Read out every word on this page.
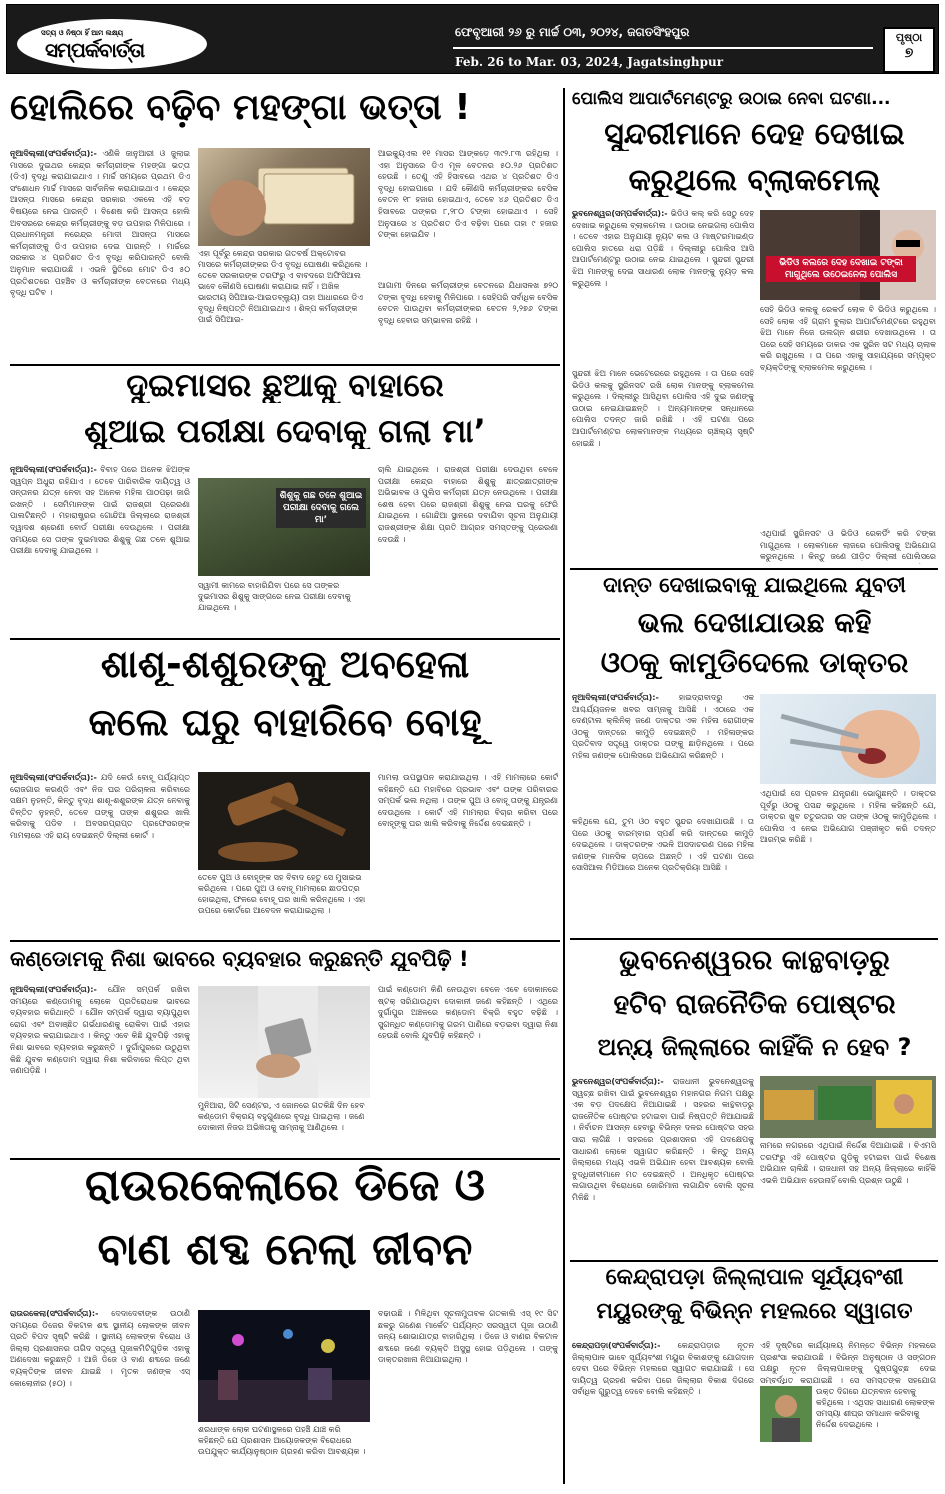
ସତ୍ୟ ଓ ନିଷ୍ଠା ହିଁ ଆମ ଲକ୍ଷ୍ୟ
ସମ୍ପର୍କବାର୍ତ୍ତା
ଫେବୃଆରୀ ୨୬ ରୁ ମାର୍ଚ୍ଚ ୦୩, ୨୦୨୪, ଜଗତସିଂହପୁର
Feb. 26 to Mar. 03, 2024, Jagatsinghpur
ପୃଷ୍ଠା
୭
ହୋଲିରେ ବଢ଼ିବ ମହଙ୍ଗା ଭତ୍ତା !
ନୂଆଦିଲ୍ଲୀ(ସଂପର୍କବାର୍ତ୍ତା):- ଏଣିକି ଜାନୁଆରୀ ଓ ଜୁଲାଇ ମାସରେ ଦୁଇଥର କେନ୍ଦ୍ର କର୍ମଚାରୀଙ୍କ ମହଙ୍ଗା ଭତ୍ତା (ଡିଏ) ବୃଦ୍ଧି କରାଯାଇଥାଏ । ମାର୍ଚ୍ଚ ସମୟରେ ପ୍ରଥମ ଡିଏ ସଂଶୋଧନ ମାର୍ଚ୍ଚ ମାସରେ ସାର୍ବଜନିକ କରାଯାଇଥାଏ । କେନ୍ଦ୍ର ଆସନ୍ତା ମାସରେ କେନ୍ଦ୍ର ସରକାର ଏକଲେ ଏହି ବଡ଼ ବିଷୟରେ ନେଇ ପାରନ୍ତି । ବିଶେଷ କରି ଆସନ୍ତା ହୋଲି ଅବସରରେ କେନ୍ଦ୍ର କର୍ମଚାରୀଙ୍କୁ ବଡ଼ ଉପହାର ମିଳିପାରେ । ପ୍ରଧାନମନ୍ତ୍ରୀ ନରେନ୍ଦ୍ର ମୋଦୀ ଆସନ୍ତା ମାସରେ କର୍ମଚାରୀଙ୍କୁ ଡିଏ ଉପହାର ଦେଇ ପାରନ୍ତି । ମାର୍ଚ୍ଚରେ ସରକାର ୪ ପ୍ରତିଶତ ଡିଏ ବୃଦ୍ଧି କରିପାରନ୍ତି ବୋଲି ଅନୁମାନ କରାଯାଉଛି । ଏଭଳି ସ୍ଥିତିରେ ମୋଟ ଡିଏ ୫୦ ପ୍ରତିଶତରେ ପହଞ୍ଚିବ ଓ କର୍ମଚାରୀଙ୍କ ବେତନରେ ମଧ୍ୟ ବୃଦ୍ଧି ଘଟିବ ।
ଏହା ପୂର୍ବରୁ କେନ୍ଦ୍ର ସରକାର ଗତବର୍ଷ ଅକ୍ଟୋବର ମାସରେ କର୍ମଚାରୀଙ୍କର ଡିଏ ବୃଦ୍ଧି ଘୋଷଣା କରିଥିଲେ । ତେବେ ସରକାରଙ୍କ ତରଫରୁ ଏ ବାବଦରେ ଅଫିସିଆଲ ଭାବେ କୌଣସି ଘୋଷଣା କରାଯାଇ ନାହିଁ । ଅଖିଳ ଭାରତୀୟ ସିପିଆଇ-ଆଇଡବ୍ଲ୍ୟୁ) ତାହା ଆଧାରରେ ଡିଏ ବୃଦ୍ଧି ନିଷ୍ପତ୍ତି ନିଆଯାଇଥାଏ । ଶିଳ୍ପ କର୍ମଚାରୀଙ୍କ ପାଇଁ ସିପିଆଇ-
ଆଇକ୍ୟୁଏଲ ୧୧ ମାସର ଆଙ୍କଡ଼େ ୩୯୨.୮୩ ରହିଥିଲା । ଏହା ଅନୁସାରେ ଡିଏ ମୂଳ ବେତନର ୫୦.୨୬ ପ୍ରତିଶତ ହେଉଛି । ତେଣୁ ଏହି ହିସାବରେ ଏଥର ୪ ପ୍ରତିଶତ ଡିଏ ବୃଦ୍ଧି ହୋଇପାରେ । ଯଦି କୌଣସି କର୍ମଚାରୀଙ୍କର ବେସିକ ବେତନ ୧୮ ହଜାର ହୋଇଥାଏ, ତେବେ ୪୬ ପ୍ରତିଶତ ଡିଏ ହିସାବରେ ତାଙ୍କର ୮,୨୮୦ ଟଙ୍କା ହୋଇଥାଏ । ସେହି ଅନୁସାରେ ୪ ପ୍ରତିଶତ ଡିଏ ବଢ଼ିବା ପରେ ତାହା ୯ ହଜାର ଟଙ୍କା ହୋଇଯିବ ।
ଆଗାମୀ ଦିନରେ କର୍ମଚାରୀଙ୍କ ବେତନରେ ଯିଧାସଳଖ ୭୨୦ ଟଙ୍କା ବୃଦ୍ଧି ହେବାକୁ ମିଳିପାରେ । ସେହିପରି ସର୍ବାଧିକ ବେସିକ ବେତନ ପାଉଥିବା କର୍ମଚାରୀଙ୍କର ବେତନ ୨,୨୭୬ ଟଙ୍କା ବୃଦ୍ଧି ହେବାର ସମ୍ଭାବନା ରହିଛି ।
ଦୁଇମାସର ଛୁଆକୁ ବାହାରେ
ଶୁଆଇ ପରୀକ୍ଷା ଦେବାକୁ ଗଲା ମା’
ନୂଆଦିଲ୍ଲୀ(ସଂପର୍କବାର୍ତ୍ତା):- ବିବାହ ପରେ ଅନେକ ଝିଅଙ୍କ ସ୍ୱପ୍ନ ଅଧୁରା ରହିଯାଏ । ତେବେ ପାରିବାରିକ ଦାୟିତ୍ୱ ଓ ସନ୍ତାନର ଯତ୍ନ ନେବା ସହ ଅନେକ ମହିଳା ପାଠପଢ଼ା ଜାରି ରଖନ୍ତି । ସେମିମାନଙ୍କ ପାଇଁ ରାଜଶ୍ରୀ ପ୍ରେରଣା ପାଲଟିଛନ୍ତି । ମହାରାଷ୍ଟ୍ରର ଗୋନ୍ଦିଆ ଜିଲ୍ଲାରେ ରାଜଶ୍ରୀ ଦ୍ୱାଦଶ ଶ୍ରେଣୀ ବୋର୍ଡ ପରୀକ୍ଷା ଦେଉଥିଲେ । ପରୀକ୍ଷା ସମୟରେ ସେ ତାଙ୍କ ଦୁଇମାସର ଶିଶୁକୁ ଗଛ ତଳେ ଶୁଆଇ ପରୀକ୍ଷା ଦେବାକୁ ଯାଇଥିଲେ ।
ଶିଶୁକୁ ଗଛ ତଳେ ଶୁଆଇ ପରୀକ୍ଷା ଦେବାକୁ ଗଲେ ମା’
ସ୍ୱାମୀ କାମରେ ବାହାରିଯିବା ପରେ ସେ ତାଙ୍କର ଦୁଇମାସର ଶିଶୁକୁ ସାଙ୍ଗରେ ନେଇ ପରୀକ୍ଷା ଦେବାକୁ ଯାଇଥିଲେ ।
ଚାଲି ଯାଇଥିଲେ । ରାଜଶ୍ରୀ ପରୀକ୍ଷା ଦେଉଥିବା ବେଳେ ପରୀକ୍ଷା କେନ୍ଦ୍ର ବାହାରେ ଶିଶୁକୁ ଛାତ୍ରଛାତ୍ରୀଙ୍କ ଅଭିଭାବକ ଓ ପୁଲିସ କର୍ମଚାରୀ ଯତ୍ନ ନେଉଥିଲେ । ପରୀକ୍ଷା ଶେଷ ହେବା ପରେ ରାଜଶ୍ରୀ ଶିଶୁକୁ ନେଇ ଘରକୁ ଫେରି ଯାଇଥିଲେ । ଗୋନ୍ଦିଆ ସ୍ଥାନରେ ଦବାଯିବା ସୂଚନା ଅନୁଯାୟୀ ରାଜଶ୍ରୀଙ୍କ ଶିକ୍ଷା ପ୍ରତି ଆଗ୍ରହ ସମସ୍ତଙ୍କୁ ପ୍ରେରଣା ଦେଉଛି ।
ଶାଶୂ-ଶଶୁରଙ୍କୁ ଅବହେଳା
କଲେ ଘରୁ ବାହାରିବେ ବୋହୂ
ନୂଆଦିଲ୍ଲୀ(ସଂପର୍କବାର୍ତ୍ତା):- ଯଦି କେଉଁ ବୋହୂ ପର୍ଯ୍ୟାପ୍ତ ରୋଜଗାର କରଣ୍ଡି ଏବଂ ନିଜ ଘର ପରିଚାଳନା କରିବାରେ ସକ୍ଷମ ନୁହନ୍ତି, କିନ୍ତୁ ବୃଦ୍ଧ ଶାଶୂ-ଶଶୁରଙ୍କ ଯତ୍ନ ନେବାକୁ ଚିନ୍ତିତ ନୁହନ୍ତି, ତେବେ ତାଙ୍କୁ ତାଙ୍କ ଶଶୁରର ଖାଲି କରିବାକୁ ପଡିବ । ଅବସରପ୍ରାପ୍ତ ପ୍ରଫେସରଙ୍କ ମାମଲାରେ ଏହି ରାୟ ଦେଇଛନ୍ତି ଦିଲ୍ଲୀ କୋର୍ଟ ।
ତେବେ ପୁଅ ଓ ବୋହୂଙ୍କ ସହ ବିବାଦ ହେତୁ ସେ ମୁସାଇଭ କରିଥିଲେ । ପରେ ପୁଅ ଓ ବୋହୂ ମାମଲାରେ ଛାଡପତ୍ର ହୋଇଥିଲା, ଫଳରେ ବୋହୂ ଘର ଖାଲି କରିନଥିଲେ । ଏହା ଉପରେ କୋର୍ଟରେ ଆବେଦନ କରାଯାଇଥିଲା ।
ମାମଲା ଉପସ୍ଥାପନ କରାଯାଇଥିଲା । ଏହି ମାମଲାରେ କୋର୍ଟ କହିଛନ୍ତି ଯେ ମହାବିରେ ପ୍ରଭାବ ଏବଂ ତାଙ୍କ ପରିବାରର ସମ୍ପର୍କ ଭଲ ନଥିଲା । ତାଙ୍କ ପୁଅ ଓ ବୋହୂ ତାଙ୍କୁ ଯନ୍ତ୍ରଣା ଦେଉଥିଲେ । କୋର୍ଟ ଏହି ମାମଲାର ବିଚାର କରିବା ପରେ ବୋହୂଙ୍କୁ ଘର ଖାଲି କରିବାକୁ ନିର୍ଦ୍ଦେଶ ଦେଇଛନ୍ତି ।
କଣ୍ଡୋମକୁ ନିଶା ଭାବରେ ବ୍ୟବହାର କରୁଛନ୍ତି ଯୁବପିଢ଼ି !
ନୂଆଦିଲ୍ଲୀ(ସଂପର୍କବାର୍ତ୍ତା):- ଯୌନ ସମ୍ପର୍କ ରଖିବା ସମୟରେ କଣ୍ଡୋମକୁ ଲୋକେ ପ୍ରତିରୋଧକ ଭାବରେ ବ୍ୟବହାର କରିଥାନ୍ତି । ଯୌନ ସମ୍ପର୍କ ଦ୍ୱାରା ବ୍ୟାପୁଥିବା ରୋଗ ଏବଂ ଅବାଞ୍ଛିତ ଗର୍ଭଧାରଣକୁ ରୋକିବା ପାଇଁ ଏହାର ବ୍ୟବହାର କରାଯାଇଥାଏ । କିନ୍ତୁ ଏବେ କିଛି ଯୁବପିଢ଼ି ଏହାକୁ ନିଶା ଭାବରେ ବ୍ୟବହାର କରୁଛନ୍ତି । ଦୁର୍ଗାପୁରରେ ଉଠୁଥିବା କିଛି ଯୁବକ କଣ୍ଡୋମ ଦ୍ୱାରା ନିଶା କରିବାରେ ଲିପ୍ତ ଥିବା ଜଣାପଡ଼ିଛି ।
ମୁନିଆରା, ସିଟି ସେଣ୍ଟର, ଏ ଜୋନରେ ଗତକିଛି ଦିନ ହେବ କଣ୍ଡୋମ ବିକ୍ରୟ ବହୁଗୁଣାରେ ବୃଦ୍ଧି ପାଇଥିଲା । ଜଣେ ଦୋକାନୀ ନିଜର ଅଭିଜ୍ଞତାକୁ ସାମ୍ନାକୁ ଆଣିଥିଲେ ।
ପାଇଁ କଣ୍ଡୋମ କିଣି ନେଉଥିବା ବେଳେ ଏବେ ଦୋକାନରେ ଷ୍ଟକ୍ ସରିଯାଉଥିବା ଦୋକାନୀ ଜଣେ କହିଛନ୍ତି । ଏଥିରେ ଦୁର୍ଗାପୁର ଅଞ୍ଚଳରେ କଣ୍ଡୋମ ବିକ୍ରି ବହୁତ ବଢ଼ିଛି । ସୁଗନ୍ଧିତ କଣ୍ଡୋମକୁ ଗରମ ପାଣିରେ ବଡ଼ଇବା ଦ୍ୱାରା ନିଶା ହେଉଛି ବୋଲି ଯୁବପିଢ଼ି କହିଛନ୍ତି ।
ରାଉରକେଲାରେ ଡିଜେ ଓ
ବାଣ ଶବ୍ଦ ନେଲା ଜୀବନ
ରାଉରକେଲା(ସଂପର୍କବାର୍ତ୍ତା):- ଦେଦାଦେବୀଙ୍କ ଉଠାଣି ସମୟରେ ଡିଜେର ବିକଟାଳ ଶବ୍ଦ ସ୍ଥାନୀୟ ଲୋକଙ୍କ ଜୀବନ ପ୍ରତି ବିପଦ ସୃଷ୍ଟି କରିଛି । ସ୍ଥାନୀୟ ଲୋକଙ୍କ ବିରୋଧ ଓ ଜିଲ୍ଲା ପ୍ରଶାସନର ତାଗିଦ ସତ୍ତ୍ୱେ ପୂଜାକମିଟିଗୁଡ଼ିକ ଏହାକୁ ଅଣଦେଖା କରୁଛନ୍ତି । ଆଜି ଡିଜେ ଓ ବାଣ ଶବ୍ଦରେ ଜଣେ ବ୍ୟକ୍ତିଙ୍କ ଜୀବନ ଯାଇଛି । ମୃତକ ଜଣଙ୍କ ଏସ୍ କୋଲୋନୀର (୫୦) ।
ଶରଧାଙ୍କ ଲୋକ ଘଟଣାସ୍ଥଳରେ ପହଞ୍ଚି ଯାଞ୍ଚ କରି କହିଛନ୍ତି ଯେ ପ୍ରଶାସନ ଆୟୋଜକଙ୍କ ବିରୋଧରେ ଉପଯୁକ୍ତ କାର୍ଯ୍ୟାନୁଷ୍ଠାନ ଗ୍ରହଣ କରିବା ଆବଶ୍ୟକ ।
ବଢାଉଛି । ମିଳିଥିବା ସୂଚନାମୁତାବକ ଗତକାଲି ଏସ୍ ୧୯ ସିଟ ଛକରୁ ଗଣେଶ ମାର୍କେଟ ପର୍ଯ୍ୟନ୍ତ ସରସ୍ୱତୀ ପୂଜା ଉଠାଣି ଜନ୍ୟ ଶୋଭାଯାତ୍ରା ବାହାରିଥିଲା । ଡିଜେ ଓ ବାଣର ବିକଟାଳ ଶବ୍ଦରେ ଜଣେ ବ୍ୟକ୍ତି ଅସୁସ୍ଥ ହୋଇ ପଡ଼ିଥିଲେ । ତାଙ୍କୁ ଡାକ୍ତରଖାନା ନିଆଯାଇଥିଲା ।
ପୋଲିସ ଆପାର୍ଟମେଣ୍ଟରୁ ଉଠାଇ ନେବା ଘଟଣା...
ସୁନ୍ଦରୀମାନେ ଦେହ ଦେଖାଇ
କରୁଥିଲେ ବ୍ଲାକମେଲ୍
ଭୁବନେଶ୍ୱର(ସମ୍ପର୍କବାର୍ତ୍ତା):- ଭିଡିଓ କଲ୍ କରି ସେଠୁ ଦେହ ଦେଖାଇ କରୁଥିଲେ ବ୍ଲାକମେଲ । ଉଠାଇ ନେଇଗଲା ପୋଲିସ । ତେବେ ଏହାର ଅନୁଯାୟୀ ନ୍ୟୁଟ କଲ ଓ ମାଷ୍ଟରମାଇଣ୍ଡ ପୋଲିସ ହାତରେ ଧରା ପଡ଼ିଛି । ଦିଲ୍ଲୀରୁ ପୋଲିସ ଆସି ଆପାର୍ଟମେଣ୍ଟରୁ ଉଠାଇ ନେଇ ଯାଇଥିଲେ । ସୁନ୍ଦରୀ ସୁନ୍ଦରୀ ଝିଅ ମାନଙ୍କୁ ଦେଇ ସାଧାରଣ ଲୋକ ମାନଙ୍କୁ ନ୍ୟୁଡ଼ କଲ କରୁଥିଲେ ।
ଭିଡିଓ କଲରେ ଦେହ ଦେଖାଇ ଟଙ୍କା ମାଗୁଥିଲେ ଉଠେଇନେଲା ପୋଲିସ
ସେହି ଭିଡିଓ କଲକୁ ରେକର୍ଡ ଲୋକ ବି ଭିଡିଓ କରୁଥିଲେ । ସେହି ଲୋକ ଏହି ଗ୍ରାମ ବୁଲାର ଆପାର୍ଟମେଣ୍ଟରେ ରହୁଥିବା ଝିଅ ମାନେ ନିଜେ ଉଲଗ୍ନ ଶରୀର ଦେଖାଉଥିଲେ । ତା ପରେ ସେହି ସମୟରେ ଡାକର ଏକ ସ୍କ୍ରିନ ସଟ ମଧ୍ୟ ଚାଲାକ କରି ରଖୁଥିଲେ । ତା ପରେ ଏହାକୁ ସାହାଯ୍ୟରେ ସମ୍ପୃକ୍ତ ବ୍ୟକ୍ତିଙ୍କୁ ବ୍ଲାକମେଲ କରୁଥିଲେ ।
ସୁନ୍ଦରୀ ଝିଅ ମାନେ ଭେଟେରେରେ ରହୁଥିଲେ । ତା ପରେ ସେହି ଭିଡିଓ କଲକୁ ସ୍କ୍ରିନସଟ ରଖି ଲୋକ ମାନଙ୍କୁ ବ୍ଲାକମେଲ କରୁଥିଲେ । ଦିଲ୍ଲୀରୁ ଆସିଥିବା ପୋଲିସ ଏହି ଦୁଇ ଜଣଙ୍କୁ ଉଠାଇ ନେଇଯାଇଛନ୍ତି । ଅନ୍ୟମାନଙ୍କ ସନ୍ଧାନରେ ପୋଲିସ ତଦନ୍ତ ଜାରି ରଖିଛି । ଏହି ଘଟଣା ପରେ ଆପାର୍ଟମେଣ୍ଟର ଲୋକମାନଙ୍କ ମଧ୍ୟରେ ଚାଞ୍ଚଲ୍ୟ ସୃଷ୍ଟି ହୋଇଛି ।
ଏଥିପାଇଁ ସ୍କ୍ରିନସଟ ଓ ଭିଡିଓ ରେକର୍ଡିଂ କରି ଟଙ୍କା ମାଗୁଥିଲେ । ଲୋକମାନେ ଲାଜରେ ପୋଲିସକୁ ଅଭିଯୋଗ କରୁନଥିଲେ । କିନ୍ତୁ ଜଣେ ପୀଡ଼ିତ ଦିଲ୍ଲୀ ପୋଲିସରେ
ଦାନ୍ତ ଦେଖାଇବାକୁ ଯାଇଥିଲେ ଯୁବତୀ
ଭଲ ଦେଖାଯାଉଛ କହି
ଓଠକୁ କାମୁଡିଦେଲେ ଡାକ୍ତର
ନୂଆଦିଲ୍ଲୀ(ସଂପର୍କବାର୍ତ୍ତା):- ହାଇଦ୍ରାବାଦରୁ ଏକ ଆଶ୍ଚର୍ଯ୍ୟଜନକ ଖବର ସାମ୍ନାକୁ ଆସିଛି । ଏଠାରେ ଏକ ଦେଣ୍ଟାଲ କ୍ଲିନିକ୍ ଜଣେ ଡାକ୍ତର ଏକ ମହିଳା ରୋଗୀଙ୍କ ଓଠକୁ ଦାନ୍ତରେ କାମୁଡ଼ି ଦେଇଛନ୍ତି । ମହିଳାଙ୍କର ପ୍ରତିବାଦ ସତ୍ତ୍ୱେ ଡାକ୍ତର ତାଙ୍କୁ ଛାଡ଼ିନଥିଲେ । ପରେ ମହିଳା ଜଣଙ୍କ ପୋଲିସରେ ଅଭିଯୋଗ କରିଛନ୍ତି ।
ଏଥିପାଇଁ ସେ ପ୍ରବଳ ଯନ୍ତ୍ରଣା ଭୋଗୁଛନ୍ତି । ଡାକ୍ତର ପୂର୍ବରୁ ଓଠକୁ ପସନ୍ଦ କରୁଥିଲେ । ମହିଳା କହିଛନ୍ତି ଯେ, ଡାକ୍ତର ଖୁବ ଚତୁରତାର ସହ ତାଙ୍କ ଓଠକୁ କାମୁଡ଼ିଥିଲେ । ପୋଲିସ ଏ ନେଇ ଅଭିଯୋଗ ପଞ୍ଜୀକୃତ କରି ତଦନ୍ତ ଆରମ୍ଭ କରିଛି ।
କହିଥିଲେ ଯେ, ତୁମ ଓଠ ବହୁତ ସୁନ୍ଦର ଦେଖାଯାଉଛି । ତା ପରେ ଓଠକୁ ବାରମ୍ବାର ସ୍ପର୍ଶ କରି ଦାନ୍ତରେ କାମୁଡ଼ି ଦେଇଥିଲେ । ଡାକ୍ତରଙ୍କ ଏଭଳି ଅସଦାଚରଣ ପରେ ମହିଳା ଜଣଙ୍କ ମାନସିକ ଚାପରେ ଅଛନ୍ତି । ଏହି ଘଟଣା ପରେ ସୋସିଆଲ ମିଡିଆରେ ଅନେକ ପ୍ରତିକ୍ରିୟା ଆସିଛି ।
ଭୁବନେଶ୍ୱରର କାନ୍ଥବାଡ଼ରୁ
ହଟିବ ରାଜନୈତିକ ପୋଷ୍ଟର
ଅନ୍ୟ ଜିଲ୍ଲାରେ କାହିଁକି ନ ହେବ ?
ଭୁବନେଶ୍ୱର(ସଂପର୍କବାର୍ତ୍ତା):- ରାଜଧାନୀ ଭୁବନେଶ୍ୱରକୁ ସ୍ୱଚ୍ଛ ରଖିବା ପାଇଁ ଭୁବନେଶ୍ୱର ମହାନଗର ନିଗମ ପକ୍ଷରୁ ଏକ ବଡ଼ ପଦକ୍ଷେପ ନିଆଯାଇଛି । ସହରର କାନ୍ଥବାଡ଼ରୁ ରାଜନୈତିକ ପୋଷ୍ଟର ହଟାଇବା ପାଇଁ ନିଷ୍ପତ୍ତି ନିଆଯାଇଛି । ନିର୍ବାଚନ ଆସନ୍ନ ହେବାରୁ ବିଭିନ୍ନ ଦଳର ପୋଷ୍ଟର ସହର ସାରା ଲାଗିଛି । ସହରରେ ପ୍ରଶାସନର ଏହି ପଦକ୍ଷେପକୁ ସାଧାରଣ ଲୋକେ ସ୍ୱାଗତ କରିଛନ୍ତି । କିନ୍ତୁ ଅନ୍ୟ ଜିଲ୍ଲାରେ ମଧ୍ୟ ଏଭଳି ଅଭିଯାନ ହେବା ଆବଶ୍ୟକ ବୋଲି ବୁଦ୍ଧିଜୀବୀମାନେ ମତ ଦେଇଛନ୍ତି । ଅନଧିକୃତ ପୋଷ୍ଟର ଲଗାଉଥିବା ବିରୋଧରେ ଜୋରିମାନା ଲଗାଯିବ ବୋଲି ସୂଚନା ମିଳିଛି ।
ନାମରେ ନଗରରେ ଏଥିପାଇଁ ନିର୍ଦ୍ଦେଶ ଦିଆଯାଇଛି । ବିଏମସି ତରଫରୁ ଏହି ପୋଷ୍ଟର ଗୁଡ଼ିକୁ ହଟାଇବା ପାଇଁ ବିଶେଷ ଅଭିଯାନ ଚାଲିଛି । ରାଜଧାନୀ ସହ ଅନ୍ୟ ଜିଲ୍ଲାରେ କାହିଁକି ଏଭଳି ଅଭିଯାନ ହେଉନାହିଁ ବୋଲି ପ୍ରଶ୍ନ ଉଠୁଛି ।
କେନ୍ଦ୍ରାପଡ଼ା ଜିଲ୍ଲାପାଳ ସୂର୍ଯ୍ୟବଂଶୀ
ମୟୁରଙ୍କୁ ବିଭିନ୍ନ ମହଲରେ ସ୍ୱାଗତ
କେନ୍ଦ୍ରାପଡ଼ା(ସଂପର୍କବାର୍ତ୍ତା):- କେନ୍ଦ୍ରାପଡ଼ାର ନୂତନ ଜିଲ୍ଲାପାଳ ଭାବେ ସୂର୍ଯ୍ୟବଂଶୀ ମୟୁର ବିକାଶଙ୍କୁ ଯୋଗଦାନ ଦେବା ପରେ ବିଭିନ୍ନ ମହଲରେ ସ୍ୱାଗତ କରାଯାଇଛି । ସେ ଦାୟିତ୍ୱ ଗ୍ରହଣ କରିବା ପରେ ଜିଲ୍ଲାର ବିକାଶ ଦିଗରେ ସର୍ବାଧିକ ଗୁରୁତ୍ୱ ଦେବେ ବୋଲି କହିଛନ୍ତି ।	ଉକ୍ତ ଦିଗରେ ଯତ୍ନବାନ ହେବାକୁ କହିଥିଲେ । ଏଥିସହ ସାଧାରଣ ଲୋକଙ୍କ ସମସ୍ୟା ଶୀଘ୍ର ସମାଧାନ କରିବାକୁ ନିର୍ଦ୍ଦେଶ ଦେଇଥିଲେ ।
ଏହି ଦୃଷ୍ଟିରେ କାର୍ଯ୍ୟାଳୟ ନିମନ୍ତେ ବିଭିନ୍ନ ମହଲରେ ପ୍ରଶଂସା କରାଯାଉଛି । ବିଭିନ୍ନ ଅନୁଷ୍ଠାନ ଓ ସଙ୍ଗଠନ ପକ୍ଷରୁ ନୂତନ ଜିଲ୍ଲାପାଳଙ୍କୁ ପୁଷ୍ପଗୁଚ୍ଛ ଦେଇ ସମ୍ବର୍ଦ୍ଧିତ କରାଯାଇଛି । ସେ ସମସ୍ତଙ୍କ ସହଯୋଗ
